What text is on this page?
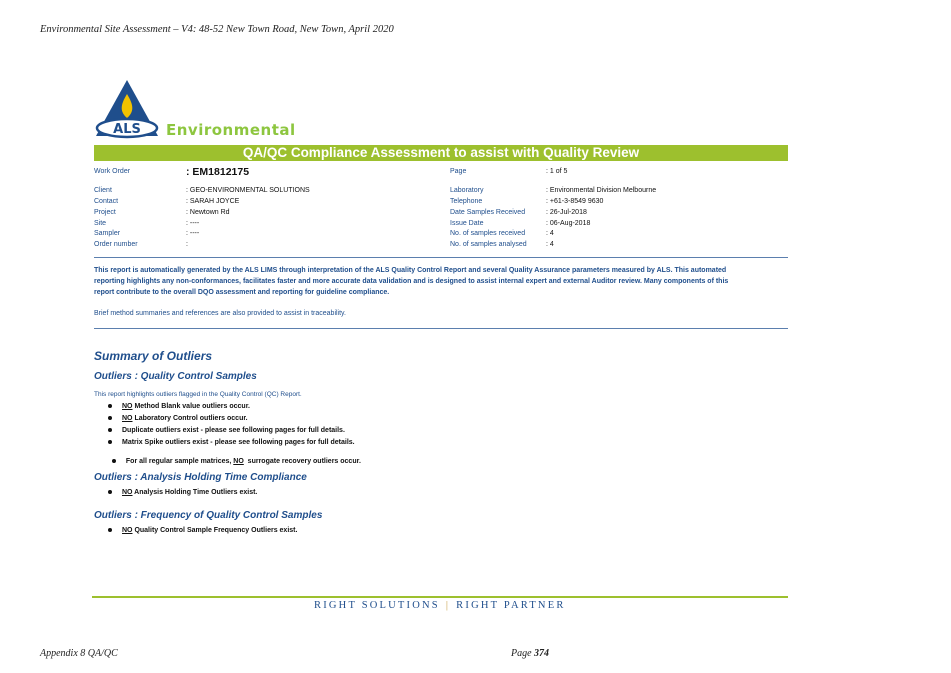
Environmental Site Assessment – V4: 48-52 New Town Road, New Town, April 2020
ALS Environmental
QA/QC Compliance Assessment to assist with Quality Review
Work Order	: EM1812175
Client	: GEO-ENVIRONMENTAL SOLUTIONS
Contact	: SARAH JOYCE
Project	: Newtown Rd
Site	: ----
Sampler	: ----
Order number	:
Page	: 1 of 5
Laboratory	: Environmental Division Melbourne
Telephone	: +61-3-8549 9630
Date Samples Received	: 26-Jul-2018
Issue Date	: 06-Aug-2018
No. of samples received	: 4
No. of samples analysed	: 4
This report is automatically generated by the ALS LIMS through interpretation of the ALS Quality Control Report and several Quality Assurance parameters measured by ALS. This automated
reporting highlights any non-conformances, facilitates faster and more accurate data validation and is designed to assist internal expert and external Auditor review. Many components of this
report contribute to the overall DQO assessment and reporting for guideline compliance.
Brief method summaries and references are also provided to assist in traceability.
Summary of Outliers
Outliers : Quality Control Samples
This report highlights outliers flagged in the Quality Control (QC) Report.
NO Method Blank value outliers occur.
NO Laboratory Control outliers occur.
Duplicate outliers exist - please see following pages for full details.
Matrix Spike outliers exist - please see following pages for full details.

For all regular sample matrices, NO  surrogate recovery outliers occur.

Outliers : Analysis Holding Time Compliance
NO Analysis Holding Time Outliers exist.
Outliers : Frequency of Quality Control Samples
NO Quality Control Sample Frequency Outliers exist.
RIGHT SOLUTIONS | RIGHT PARTNER
Appendix 8 QA/QC	Page 374
